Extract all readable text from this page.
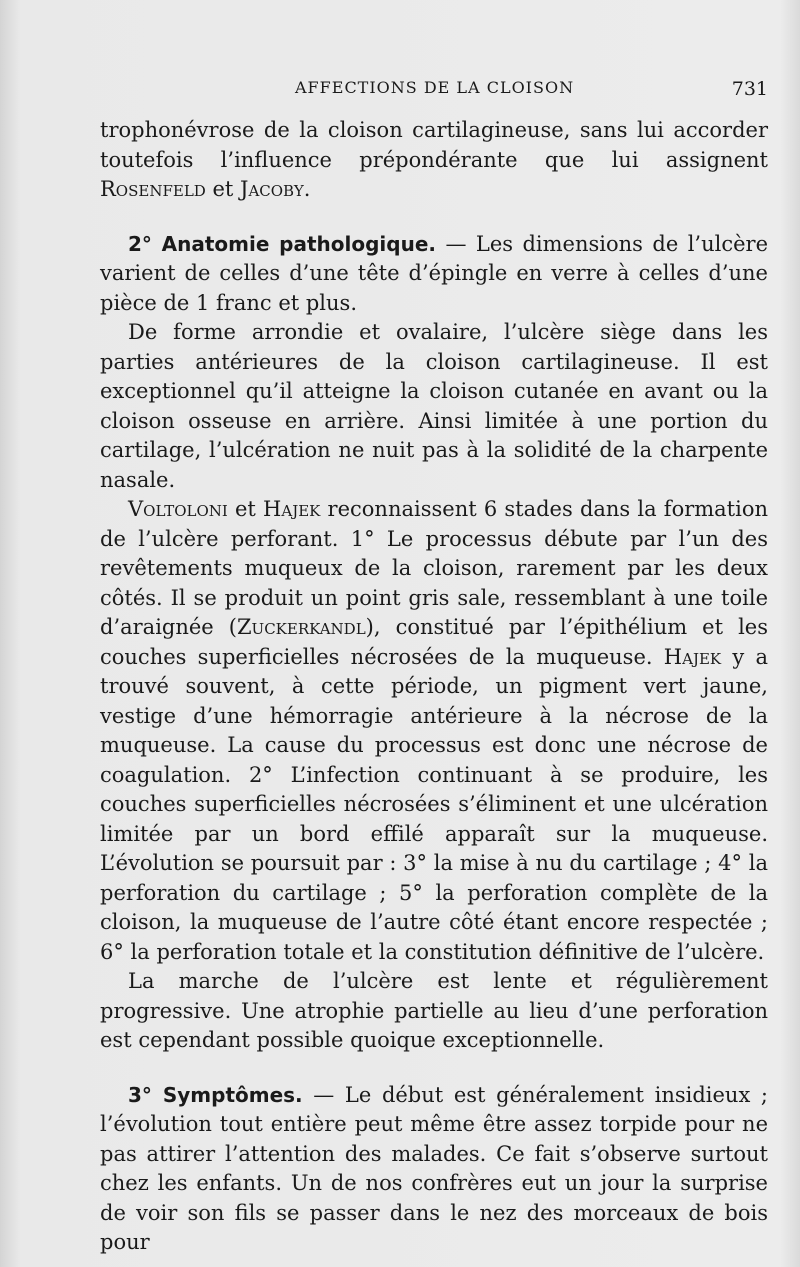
AFFECTIONS DE LA CLOISON	731

trophonévrose de la cloison cartilagineuse, sans lui accorder toutefois l’influence prépondérante que lui assignent Rosenfeld et Jacoby.

2° Anatomie pathologique. — Les dimensions de l’ulcère varient de celles d’une tête d’épingle en verre à celles d’une pièce de 1 franc et plus.

De forme arrondie et ovalaire, l’ulcère siège dans les parties antérieures de la cloison cartilagineuse. Il est exceptionnel qu’il atteigne la cloison cutanée en avant ou la cloison osseuse en arrière. Ainsi limitée à une portion du cartilage, l’ulcération ne nuit pas à la solidité de la charpente nasale.

Voltoloni et Hajek reconnaissent 6 stades dans la formation de l’ulcère perforant. 1° Le processus débute par l’un des revêtements muqueux de la cloison, rarement par les deux côtés. Il se produit un point gris sale, ressemblant à une toile d’araignée (Zuckerkandl), constitué par l’épithélium et les couches superficielles nécrosées de la muqueuse. Hajek y a trouvé souvent, à cette période, un pigment vert jaune, vestige d’une hémorragie antérieure à la nécrose de la muqueuse. La cause du processus est donc une nécrose de coagulation. 2° L’infection continuant à se produire, les couches superficielles nécrosées s’éliminent et une ulcération limitée par un bord effilé apparaît sur la muqueuse. L’évolution se poursuit par : 3° la mise à nu du cartilage ; 4° la perforation du cartilage ; 5° la perforation complète de la cloison, la muqueuse de l’autre côté étant encore respectée ; 6° la perforation totale et la constitution définitive de l’ulcère.

La marche de l’ulcère est lente et régulièrement progressive. Une atrophie partielle au lieu d’une perforation est cependant possible quoique exceptionnelle.

3° Symptômes. — Le début est généralement insidieux ; l’évolution tout entière peut même être assez torpide pour ne pas attirer l’attention des malades. Ce fait s’observe surtout chez les enfants. Un de nos confrères eut un jour la surprise de voir son fils se passer dans le nez des morceaux de bois pour
